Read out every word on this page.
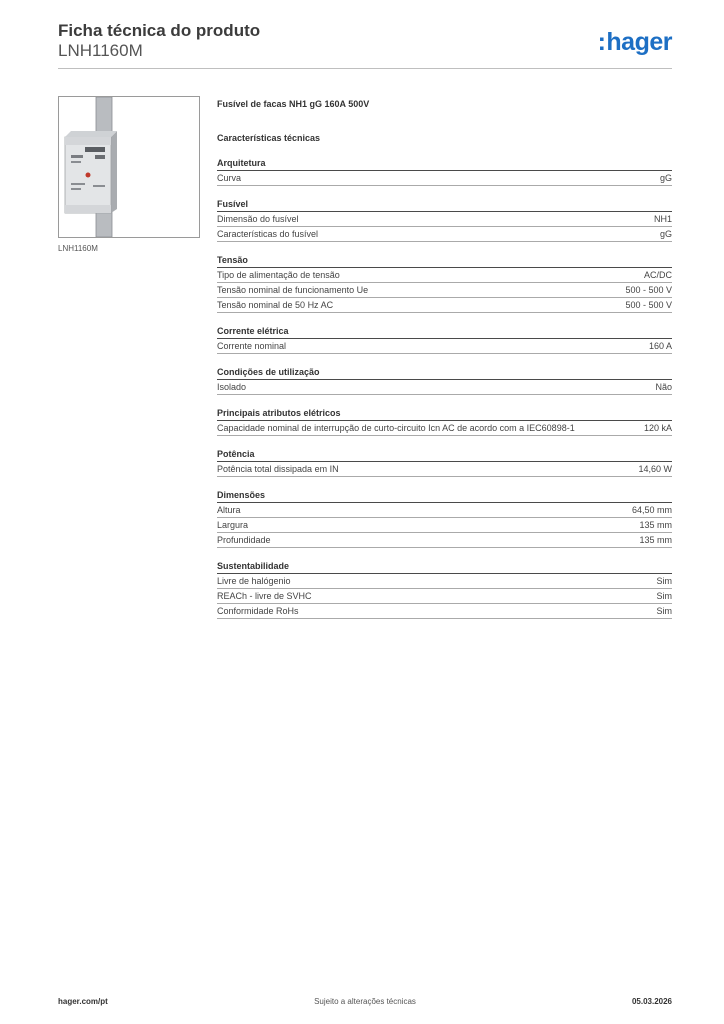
Ficha técnica do produto
LNH1160M	:hager
LNH1160M
Fusível de facas NH1 gG 160A 500V
Características técnicas
Arquitetura
Curva	gG
Fusível
Dimensão do fusível	NH1
Características do fusível	gG
Tensão
Tipo de alimentação de tensão	AC/DC
Tensão nominal de funcionamento Ue	500 - 500 V
Tensão nominal de 50 Hz AC	500 - 500 V
Corrente elétrica
Corrente nominal	160 A
Condições de utilização
Isolado	Não
Principais atributos elétricos
Capacidade nominal de interrupção de curto-circuito Icn AC de acordo com a IEC60898-1	120 kA
Potência
Potência total dissipada em IN	14,60 W
Dimensões
Altura	64,50 mm
Largura	135 mm
Profundidade	135 mm
Sustentabilidade
Livre de halógenio	Sim
REACh - livre de SVHC	Sim
Conformidade RoHs	Sim
hager.com/pt	Sujeito a alterações técnicas	05.03.2026
